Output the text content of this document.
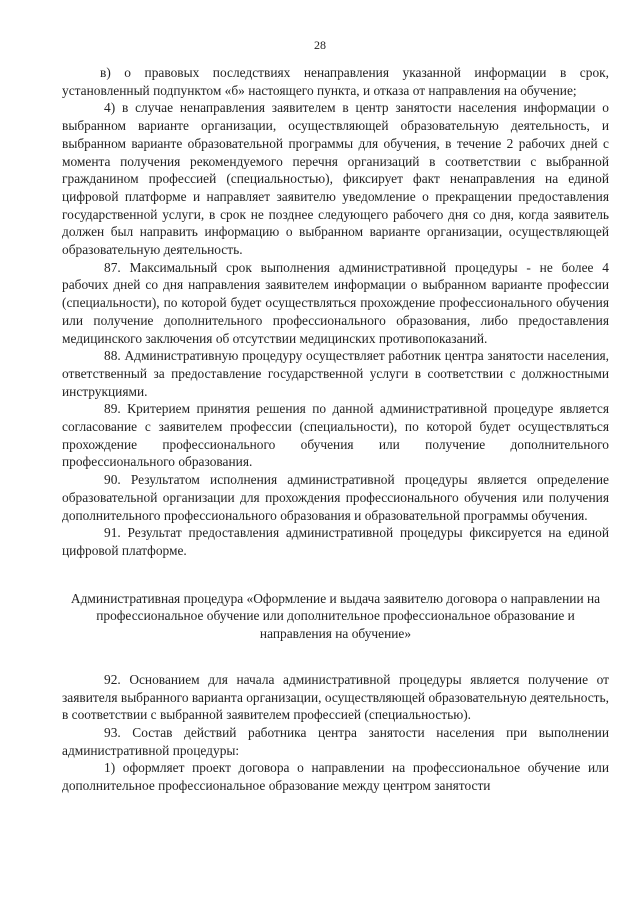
28

в) о правовых последствиях ненаправления указанной информации в срок, установленный подпунктом «б» настоящего пункта, и отказа от направления на обучение;

4) в случае ненаправления заявителем в центр занятости населения информации о выбранном варианте организации, осуществляющей образовательную деятельность, и выбранном варианте образовательной программы для обучения, в течение 2 рабочих дней с момента получения рекомендуемого перечня организаций в соответствии с выбранной гражданином профессией (специальностью), фиксирует факт ненаправления на единой цифровой платформе и направляет заявителю уведомление о прекращении предоставления государственной услуги, в срок не позднее следующего рабочего дня со дня, когда заявитель должен был направить информацию о выбранном варианте организации, осуществляющей образовательную деятельность.

87. Максимальный срок выполнения административной процедуры - не более 4 рабочих дней со дня направления заявителем информации о выбранном варианте профессии (специальности), по которой будет осуществляться прохождение профессионального обучения или получение дополнительного профессионального образования, либо предоставления медицинского заключения об отсутствии медицинских противопоказаний.

88. Административную процедуру осуществляет работник центра занятости населения, ответственный за предоставление государственной услуги в соответствии с должностными инструкциями.

89. Критерием принятия решения по данной административной процедуре является согласование с заявителем профессии (специальности), по которой будет осуществляться прохождение профессионального обучения или получение дополнительного профессионального образования.

90. Результатом исполнения административной процедуры является определение образовательной организации для прохождения профессионального обучения или получения дополнительного профессионального образования и образовательной программы обучения.

91. Результат предоставления административной процедуры фиксируется на единой цифровой платформе.

Административная процедура «Оформление и выдача заявителю договора о направлении на профессиональное обучение или дополнительное профессиональное образование и направления на обучение»

92. Основанием для начала административной процедуры является получение от заявителя выбранного варианта организации, осуществляющей образовательную деятельность, в соответствии с выбранной заявителем профессией (специальностью).

93. Состав действий работника центра занятости населения при выполнении административной процедуры:

1) оформляет проект договора о направлении на профессиональное обучение или дополнительное профессиональное образование между центром занятости
